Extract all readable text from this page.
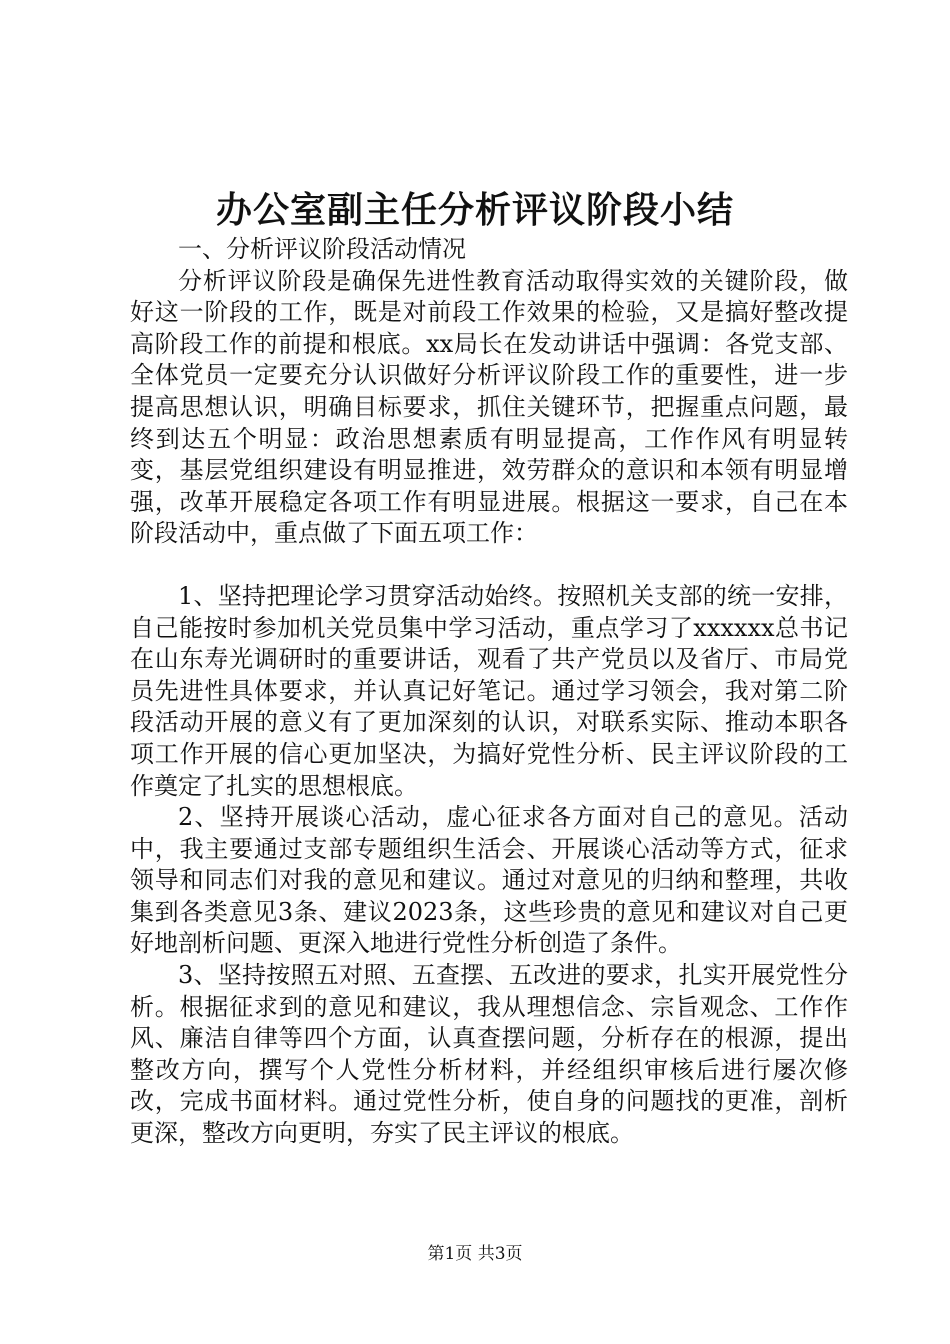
办公室副主任分析评议阶段小结

一、分析评议阶段活动情况

分析评议阶段是确保先进性教育活动取得实效的关键阶段，做好这一阶段的工作，既是对前段工作效果的检验，又是搞好整改提高阶段工作的前提和根底。xx局长在发动讲话中强调：各党支部、全体党员一定要充分认识做好分析评议阶段工作的重要性，进一步提高思想认识，明确目标要求，抓住关键环节，把握重点问题，最终到达五个明显：政治思想素质有明显提高，工作作风有明显转变，基层党组织建设有明显推进，效劳群众的意识和本领有明显增强，改革开展稳定各项工作有明显进展。根据这一要求，自己在本阶段活动中，重点做了下面五项工作：

1、坚持把理论学习贯穿活动始终。按照机关支部的统一安排，自己能按时参加机关党员集中学习活动，重点学习了xxxxxx总书记在山东寿光调研时的重要讲话，观看了共产党员以及省厅、市局党员先进性具体要求，并认真记好笔记。通过学习领会，我对第二阶段活动开展的意义有了更加深刻的认识，对联系实际、推动本职各项工作开展的信心更加坚决，为搞好党性分析、民主评议阶段的工作奠定了扎实的思想根底。

2、坚持开展谈心活动，虚心征求各方面对自己的意见。活动中，我主要通过支部专题组织生活会、开展谈心活动等方式，征求领导和同志们对我的意见和建议。通过对意见的归纳和整理，共收集到各类意见3条、建议2023条，这些珍贵的意见和建议对自己更好地剖析问题、更深入地进行党性分析创造了条件。

3、坚持按照五对照、五查摆、五改进的要求，扎实开展党性分析。根据征求到的意见和建议，我从理想信念、宗旨观念、工作作风、廉洁自律等四个方面，认真查摆问题，分析存在的根源，提出整改方向，撰写个人党性分析材料，并经组织审核后进行屡次修改，完成书面材料。通过党性分析，使自身的问题找的更准，剖析更深，整改方向更明，夯实了民主评议的根底。

第1页 共3页
